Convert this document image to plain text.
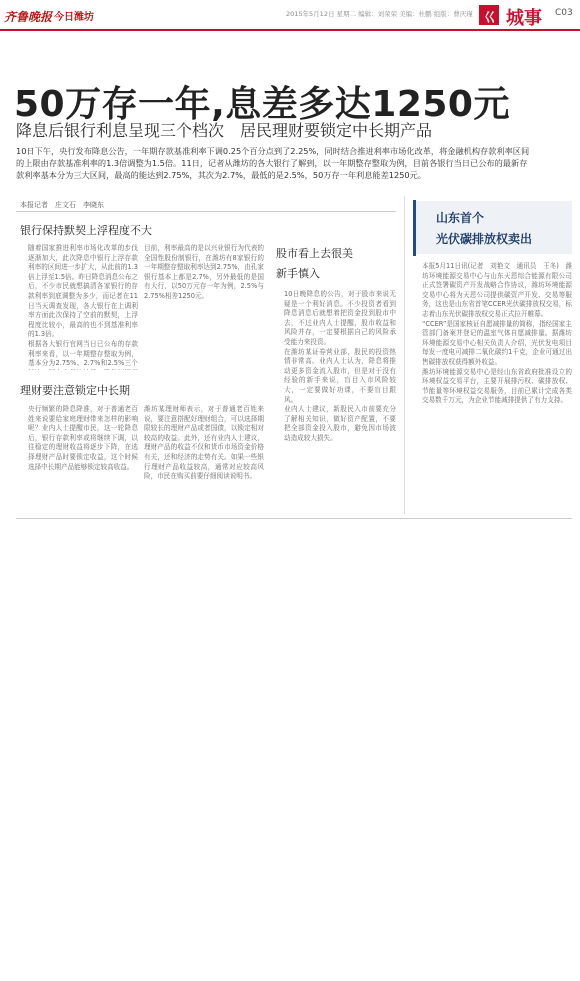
齐鲁晚报 今日潍坊	2015年5月12日 星期二 编辑：刘荣荣 美编：杜鹏 组版：曹庆瑾 巜 城事 C03
50万存一年,息差多达1250元
降息后银行利息呈现三个档次　居民理财要锁定中长期产品
10日下午，央行发布降息公告，一年期存款基准利率下调0.25个百分点到了2.25%，同时结合推进利率市场化改革，将金融机构存款利率区间的上限由存款基准利率的1.3倍调整为1.5倍。11日，记者从潍坊的各大银行了解到，以一年期整存整取为例，目前各银行当日已公布的最新存款利率基本分为三大区间，最高的能达到2.75%，其次为2.7%，最低的是2.5%，50万存一年利息能差1250元。
本报记者　庄文石　李晓东
银行保持默契上浮程度不大
随着国家推进利率市场化改革的步伐逐渐加大，此次降息中银行上浮存款利率的区间进一步扩大，从此前的1.3倍上浮至1.5倍。昨日降息消息公布之后，不少市民就想搞清各家银行的存款利率到底调整为多少，而记者在11日当天调查发现，各大银行在上调利率方面此次保持了空前的默契，上浮程度比较小，最高的也不到基准利率的1.3倍。
根据各大银行官网当日已公布的存款利率来看，以一年期整存整取为例，基本分为2.75%、2.7%和2.5%三个
目前，利率最高的是以兴业银行为代表的全国性股份制银行，在潍坊有8家银行的一年期整存整取利率达到2.75%，由孔家银行基本上都是2.7%，另外最低的是国有大行，以50万元存一年为例，2.5%与2.75%相差1250元。
理财要注意锁定中长期
央行频繁的降息降准，对于普通老百姓来说要给家庭理财带来怎样的影响呢？业内人士提醒市民，这一轮降息后，银行存款利率或将继续下调，以往稳定的理财收益将逐步下降，在选择理财产品时要锁定收益，这个时候选择中长期产品能够锁定较高收益。
潍坊某理财师表示，对于普通老百姓来说，要注意搭配好理财组合，可以选择期限较长的理财产品或者国债，以锁定相对较高的收益。此外，还有业内人士建议，理财产品的收益不仅和货币市场资金价格有关，还和经济的走势有关。如果一些银行理财产品收益较高，通常对应较高风险，市民在购买前要仔细阅读说明书。
股市看上去很美
新手慎入
10日晚降息的公告，对于股市来说无疑是一个利好消息。不少投资者看到降息消息后就想着把资金投到股市中去，不过业内人士提醒，股市收益和风险并存，一定要根据自己的风险承受能力来投资。
在潍坊某证券营业部，股民的投资热情非常高。业内人士认为，降息将推动更多资金流入股市，但是对于没有经验的新手来说，盲目入市风险较大，一定要做好功课，不要盲目跟风。
业内人士建议，新股民入市前要充分了解相关知识，做好资产配置，不要把全部资金投入股市，避免因市场波动造成较大损失。
山东首个
光伏碳排放权卖出
本报5月11日讯(记者　刘艳文　通讯员　王冬)　潍坊环境能源交易中心与山东天恩综合能源有限公司正式签署碳资产开发战略合作协议，潍坊环境能源交易中心将为天恩公司提供碳资产开发、交易等服务，这也是山东省首笔CCER光伏碳排放权交易，标志着山东光伏碳排放权交易正式拉开帷幕。
“CCER”是国家核证自愿减排量的简称，指经国家主管部门备案并登记的温室气体自愿减排量。据潍坊环境能源交易中心相关负责人介绍，光伏发电项目每发一度电可减排二氧化碳约1千克，企业可通过出售碳排放权获得额外收益。
潍坊环境能源交易中心是经山东省政府批准设立的环境权益交易平台，主要开展排污权、碳排放权、节能量等环境权益交易服务，目前已累计完成各类交易数千万元，为企业节能减排提供了有力支持。
